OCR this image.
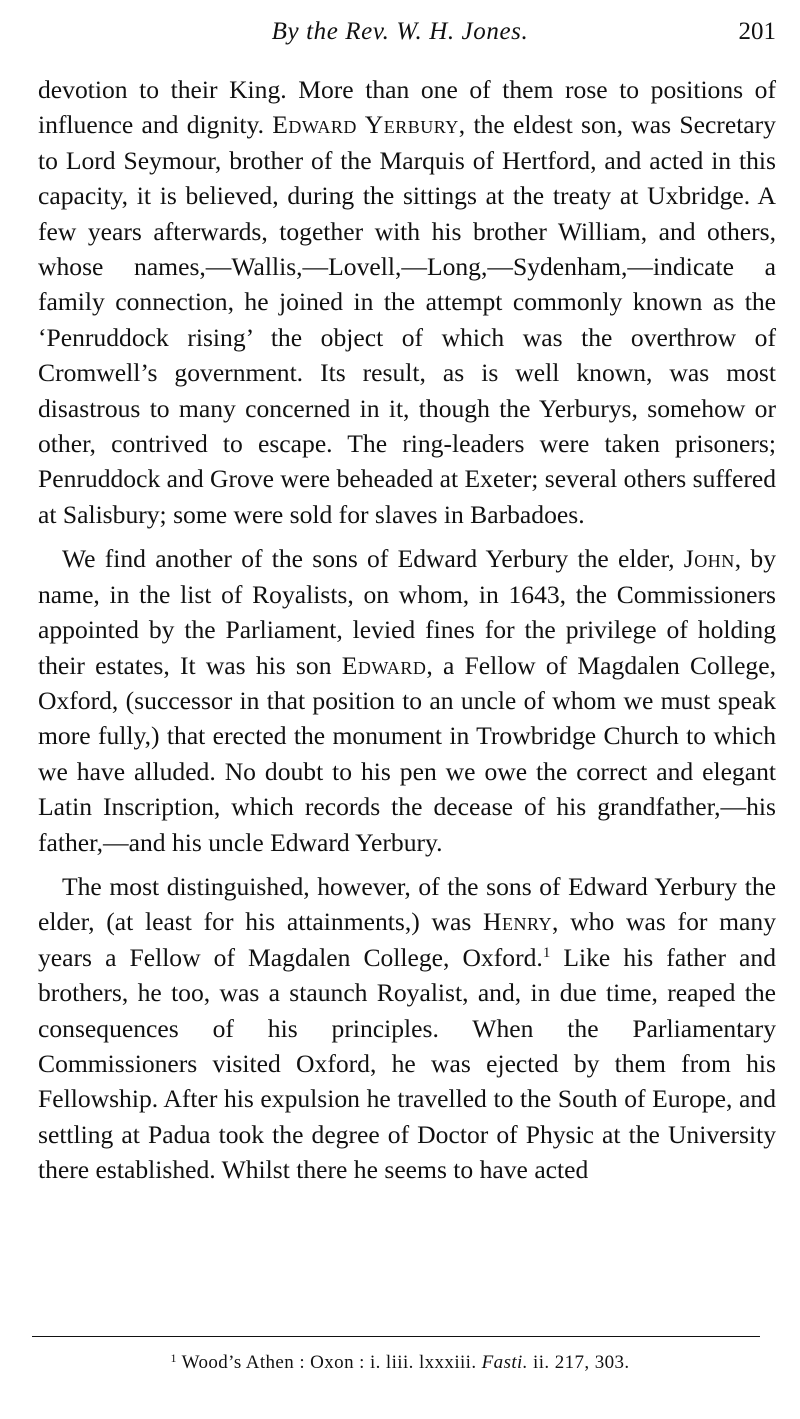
By the Rev. W. H. Jones.	201

devotion to their King. More than one of them rose to positions of influence and dignity. Edward Yerbury, the eldest son, was Secretary to Lord Seymour, brother of the Marquis of Hertford, and acted in this capacity, it is believed, during the sittings at the treaty at Uxbridge. A few years afterwards, together with his brother William, and others, whose names,—Wallis,—Lovell,—Long,—Sydenham,—indicate a family connection, he joined in the attempt commonly known as the ‘Penruddock rising’ the object of which was the overthrow of Cromwell’s government. Its result, as is well known, was most disastrous to many concerned in it, though the Yerburys, somehow or other, contrived to escape. The ring-leaders were taken prisoners; Penruddock and Grove were beheaded at Exeter; several others suffered at Salisbury; some were sold for slaves in Barbadoes.

We find another of the sons of Edward Yerbury the elder, John, by name, in the list of Royalists, on whom, in 1643, the Commissioners appointed by the Parliament, levied fines for the privilege of holding their estates, It was his son Edward, a Fellow of Magdalen College, Oxford, (successor in that position to an uncle of whom we must speak more fully,) that erected the monument in Trowbridge Church to which we have alluded. No doubt to his pen we owe the correct and elegant Latin Inscription, which records the decease of his grandfather,—his father,—and his uncle Edward Yerbury.

The most distinguished, however, of the sons of Edward Yerbury the elder, (at least for his attainments,) was Henry, who was for many years a Fellow of Magdalen College, Oxford.$^1$ Like his father and brothers, he too, was a staunch Royalist, and, in due time, reaped the consequences of his principles. When the Parliamentary Commissioners visited Oxford, he was ejected by them from his Fellowship. After his expulsion he travelled to the South of Europe, and settling at Padua took the degree of Doctor of Physic at the University there established. Whilst there he seems to have acted

$^1$ Wood’s Athen : Oxon : i. liii. lxxxiii. Fasti. ii. 217, 303.
